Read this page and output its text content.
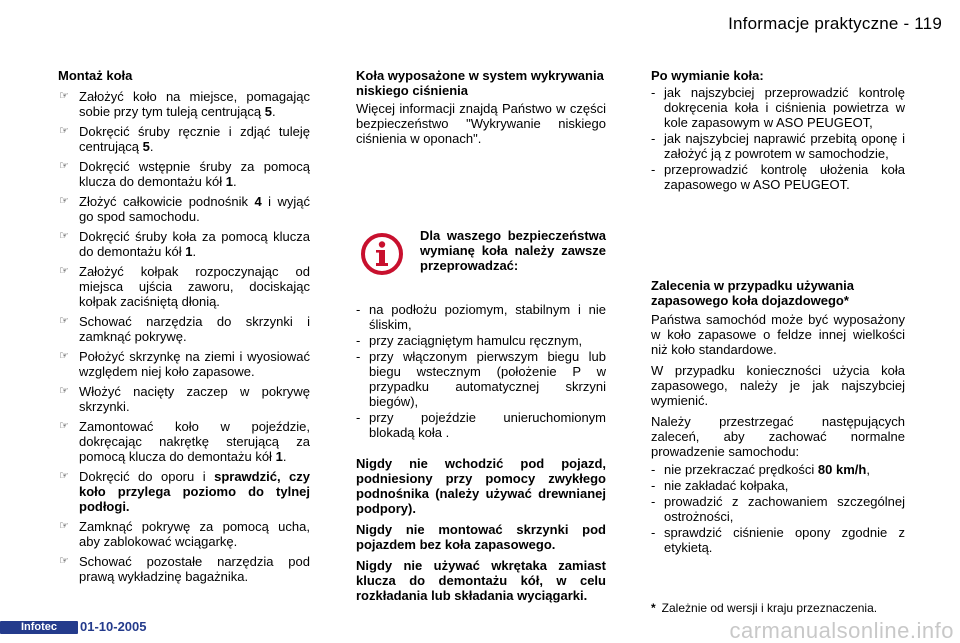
Informacje praktyczne - 119
Montaż koła
☞ Założyć koło na miejsce, pomagając sobie przy tym tuleją centrującą 5.
☞ Dokręcić śruby ręcznie i zdjąć tuleję centrującą 5.
☞ Dokręcić wstępnie śruby za pomocą klucza do demontażu kół 1.
☞ Złożyć całkowicie podnośnik 4 i wyjąć go spod samochodu.
☞ Dokręcić śruby koła za pomocą klucza do demontażu kół 1.
☞ Założyć kołpak rozpoczynając od miejsca ujścia zaworu, dociskając kołpak zaciśniętą dłonią.
☞ Schować narzędzia do skrzynki i zamknąć pokrywę.
☞ Położyć skrzynkę na ziemi i wyosiować względem niej koło zapasowe.
☞ Włożyć nacięty zaczep w pokrywę skrzynki.
☞ Zamontować koło w pojeździe, dokręcając nakrętkę sterującą za pomocą klucza do demontażu kół 1.
☞ Dokręcić do oporu i sprawdzić, czy koło przylega poziomo do tylnej podłogi.
☞ Zamknąć pokrywę za pomocą ucha, aby zablokować wciągarkę.
☞ Schować pozostałe narzędzia pod prawą wykładzinę bagażnika.
Koła wyposażone w system wykrywania niskiego ciśnienia

Więcej informacji znajdą Państwo w części bezpieczeństwo "Wykrywanie niskiego ciśnienia w oponach".

Dla waszego bezpieczeństwa wymianę koła należy zawsze przeprowadzać:
- na podłożu poziomym, stabilnym i nie śliskim,
- przy zaciągniętym hamulcu ręcznym,
- przy włączonym pierwszym biegu lub biegu wstecznym (położenie P w przypadku automatycznej skrzyni biegów),
- przy pojeździe unieruchomionym blokadą koła .

Nigdy nie wchodzić pod pojazd, podniesiony przy pomocy zwykłego podnośnika (należy używać drewnianej podpory).

Nigdy nie montować skrzynki pod pojazdem bez koła zapasowego.

Nigdy nie używać wkrętaka zamiast klucza do demontażu kół, w celu rozkładania lub składania wyciągarki.

Po wymianie koła:
- jak najszybciej przeprowadzić kontrolę dokręcenia koła i ciśnienia powietrza w kole zapasowym w ASO PEUGEOT,
- jak najszybciej naprawić przebitą oponę i założyć ją z powrotem w samochodzie,
- przeprowadzić kontrolę ułożenia koła zapasowego w ASO PEUGEOT.
Zalecenia w przypadku używania zapasowego koła dojazdowego*

Państwa samochód może być wyposażony w koło zapasowe o feldze innej wielkości niż koło standardowe.

W przypadku konieczności użycia koła zapasowego, należy je jak najszybciej wymienić.

Należy przestrzegać następujących zaleceń, aby zachować normalne prowadzenie samochodu:

- nie przekraczać prędkości 80 km/h,
- nie zakładać kołpaka,
- prowadzić z zachowaniem szczególnej ostrożności,
- sprawdzić ciśnienie opony zgodnie z etykietą.
* Zależnie od wersji i kraju przeznaczenia.
Infotec	01-10-2005	carmanualsonline.info
